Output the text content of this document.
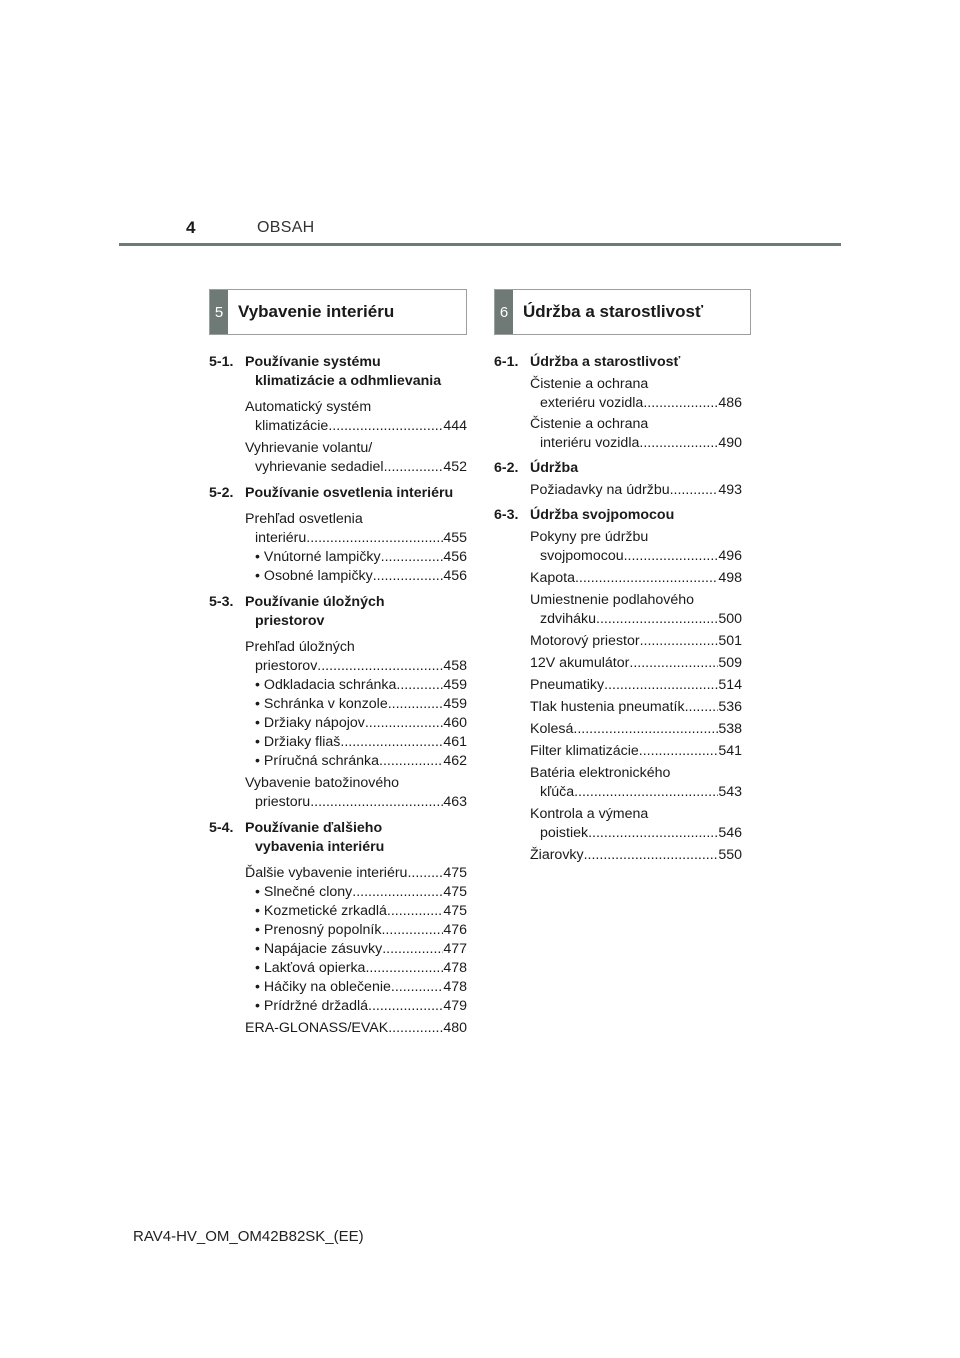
4	OBSAH
5 Vybavenie interiéru	6 Údržba a starostlivosť
5-1. Používanie systému
klimatizácie a odhmlievania
Automatický systém
klimatizácie .....	444
Vyhrievanie volantu/
vyhrievanie sedadiel .....	452
5-2. Používanie osvetlenia interiéru
Prehľad osvetlenia
interiéru .....	455
• Vnútorné lampičky .....	456
• Osobné lampičky .....	456
5-3. Používanie úložných
priestorov
Prehľad úložných
priestorov .....	458
• Odkladacia schránka .....	459
• Schránka v konzole .....	459
• Držiaky nápojov .....	460
• Držiaky fliaš .....	461
• Príručná schránka .....	462
Vybavenie batožinového
priestoru .....	463
5-4. Používanie ďalšieho
vybavenia interiéru
Ďalšie vybavenie interiéru .....	475
• Slnečné clony .....	475
• Kozmetické zrkadlá .....	475
• Prenosný popolník .....	476
• Napájacie zásuvky .....	477
• Lakťová opierka .....	478
• Háčiky na oblečenie .....	478
• Prídržné držadlá .....	479
ERA-GLONASS/EVAK .....	480
6-1. Údržba a starostlivosť
Čistenie a ochrana
exteriéru vozidla .....	486
Čistenie a ochrana
interiéru vozidla .....	490
6-2. Údržba
Požiadavky na údržbu .....	493
6-3. Údržba svojpomocou
Pokyny pre údržbu
svojpomocou .....	496
Kapota .....	498
Umiestnenie podlahového
zdviháku .....	500
Motorový priestor .....	501
12V akumulátor .....	509
Pneumatiky .....	514
Tlak hustenia pneumatík ..... 536
Kolesá .....	538
Filter klimatizácie .....	541
Batéria elektronického
kľúča .....	543
Kontrola a výmena
poistiek .....	546
Žiarovky .....	550
RAV4-HV_OM_OM42B82SK_(EE)
